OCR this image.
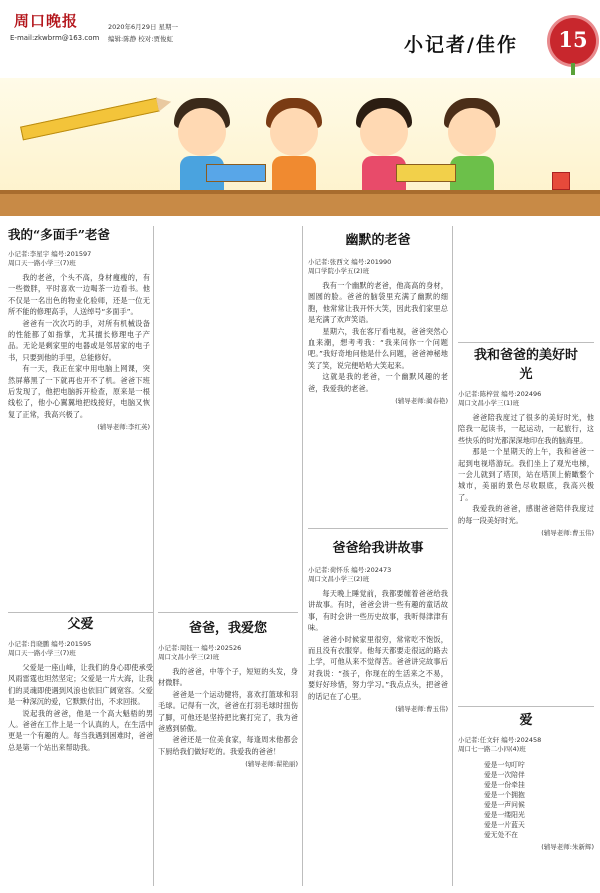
周口晚报
E-mail:zkwbrm@163.com
2020年6月29日 星期一
编辑:陈静 校对:贾俊虹	小记者/佳作	15
我的“多面手”老爸
小记者:李星宇 编号:201597
周口天一路小学三(7)班

我的老爸，个头不高，身材瘦瘦的，有一些微胖，平时喜欢一边喝茶一边看书。他不仅是一名出色的物业化验师，还是一位无所不能的修理高手，人送绰号“多面手”。

爸爸有一次次巧的手，对所有机械设备的性能都了如指掌，尤其擅长修理电子产品。无论是剩家里的电器或是邻居家的电子书，只要到他的手里，总能修好。

有一天，我正在家中用电脑上网课，突然屏幕黑了一下就再也开不了机。爸爸下班后发现了，他把电脑拆开检查，原来是一根线松了，他小心翼翼地把线接好，电脑又恢复了正常，我高兴极了。

(辅导老师:李红英)
父爱
小记者:肖晓鹏 编号:201595
周口天一路小学三(7)班

父爱是一座山峰，让我们的身心即使承受风雨雷霆也坦然坚定；父爱是一片大海，让我们的灵魂即使遇到风浪也依旧广阔宽容。父爱是一种深沉的爱，它默默付出，不求回报。

说起我的爸爸，他是一个高大魁梧的男人。爸爸在工作上是一个认真的人，在生活中更是一个有趣的人。每当我遇到困难时，爸爸总是第一个站出来帮助我。

爸爸，我爱您
小记者:周钰一 编号:202526
周口文昌小学三(2)班

我的爸爸，中等个子，短短的头发，身材微胖。

爸爸是一个运动健将，喜欢打篮球和羽毛球。记得有一次，爸爸在打羽毛球时扭伤了脚，可他还是坚持把比赛打完了，我为爸爸感到骄傲。

爸爸还是一位美食家，每逢周末他都会下厨给我们做好吃的。我爱我的爸爸！

(辅导老师:翟艳丽)
幽默的老爸
小记者:张西文 编号:201990
周口学院小学五(2)班

我有一个幽默的老爸，他高高的身材，圆圆的脸。爸爸的脑袋里充满了幽默的细胞，他常常让我开怀大笑，因此我们家里总是充满了欢声笑语。

星期六，我在客厅看电视，爸爸突然心血来潮，想考考我：“我来问你一个问题吧。”我好奇地问他是什么问题，爸爸神秘地笑了笑，说完便哈哈大笑起来。

这就是我的老爸，一个幽默风趣的老爸，我爱我的老爸。

(辅导老师:蔺春艳)
爸爸给我讲故事
小记者:荷怀乐 编号:202473
周口文昌小学三(2)班

每天晚上睡觉前，我都要缠着爸爸给我讲故事。有时，爸爸会讲一些有趣的童话故事，有时会讲一些历史故事，我听得津津有味。

爸爸小时候家里很穷，常常吃不饱饭，而且没有衣服穿。他每天都要走很远的路去上学，可他从来不觉得苦。爸爸讲完故事后对我说：“孩子，你现在的生活来之不易，要好好珍惜，努力学习。”我点点头，把爸爸的话记在了心里。

(辅导老师:曹玉伟)
我和爸爸的美好时光
小记者:陈梓萱 编号:202496
周口文昌小学三(1)班

爸爸陪我度过了很多的美好时光，他陪我一起读书，一起运动，一起旅行，这些快乐的时光都深深地印在我的脑海里。

那是一个星期天的上午，我和爸爸一起到电视塔游玩。我们坐上了观光电梯，一会儿就到了塔顶，站在塔顶上俯瞰整个城市，美丽的景色尽收眼底，我高兴极了。

我爱我的爸爸，感谢爸爸陪伴我度过的每一段美好时光。

(辅导老师:曹玉伟)
爱
小记者:任文轩 编号:202458
周口七一路二小四(4)班
爱是一句叮咛
爱是一次陪伴
爱是一份牵挂
爱是一个拥抱
爱是一声问候
爱是一缕阳光
爱是一片蓝天
爱无处不在
(辅导老师:朱新辉)
